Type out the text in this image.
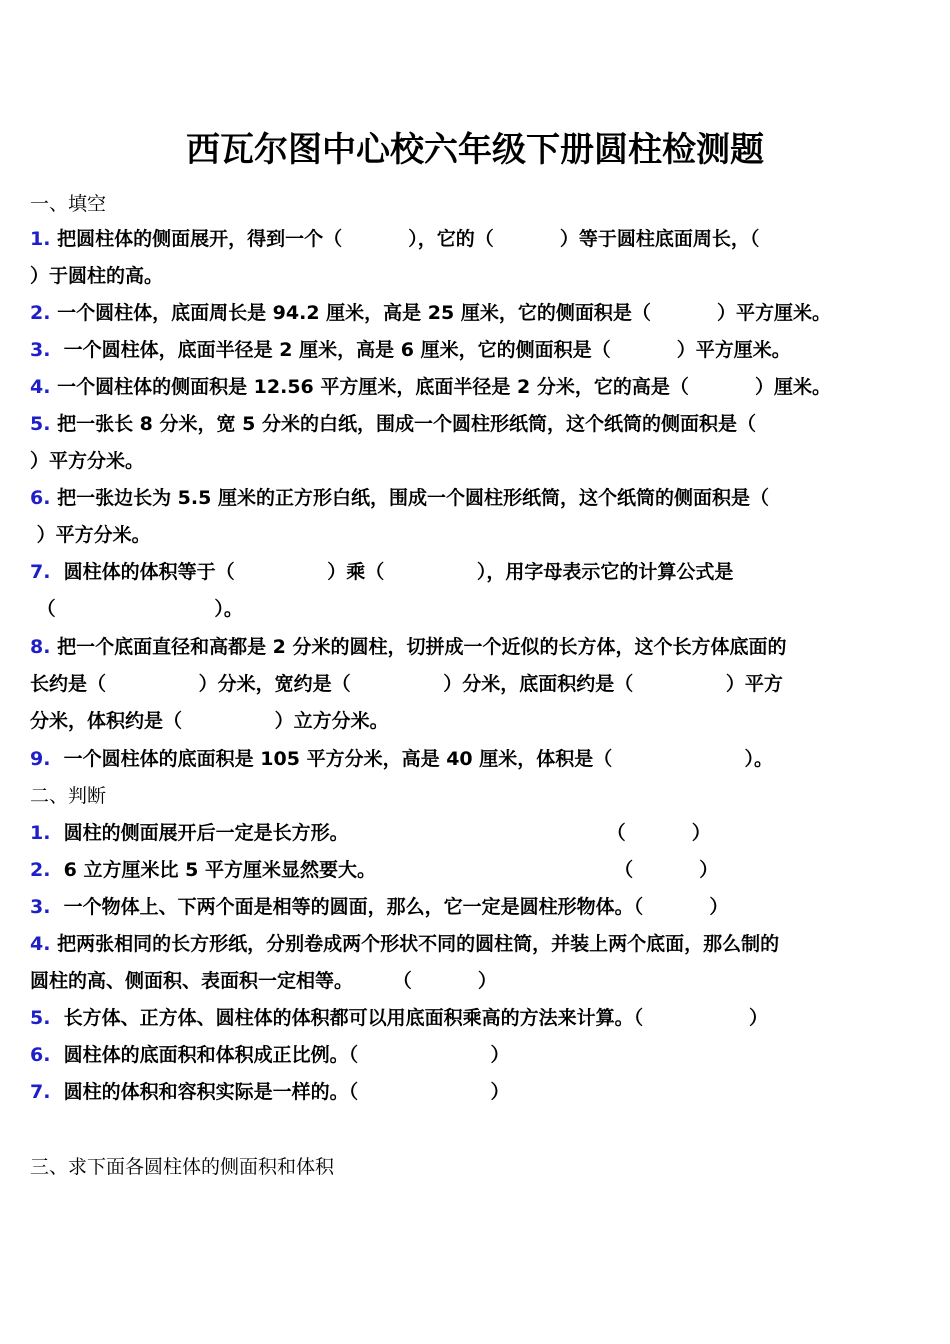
西瓦尔图中心校六年级下册圆柱检测题
一、填空
1. 把圆柱体的侧面展开，得到一个（          ），它的（          ）等于圆柱底面周长，（
）于圆柱的高。
2. 一个圆柱体，底面周长是 94.2 厘米，高是 25 厘米，它的侧面积是（          ）平方厘米。
3.  一个圆柱体，底面半径是 2 厘米，高是 6 厘米，它的侧面积是（          ）平方厘米。
4. 一个圆柱体的侧面积是 12.56 平方厘米，底面半径是 2 分米，它的高是（          ）厘米。
5. 把一张长 8 分米，宽 5 分米的白纸，围成一个圆柱形纸筒，这个纸筒的侧面积是（
）平方分米。
6. 把一张边长为 5.5 厘米的正方形白纸，围成一个圆柱形纸筒，这个纸筒的侧面积是（
）平方分米。
7.  圆柱体的体积等于（              ）乘（              ），用字母表示它的计算公式是
（                        ）。
8. 把一个底面直径和高都是 2 分米的圆柱，切拼成一个近似的长方体，这个长方体底面的
长约是（              ）分米，宽约是（              ）分米，底面积约是（              ）平方
分米，体积约是（              ）立方分米。
9.  一个圆柱体的底面积是 105 平方分米，高是 40 厘米，体积是（                    ）。
二、判断
1.  圆柱的侧面展开后一定是长方形。                                       （          ）
2.  6 立方厘米比 5 平方厘米显然要大。                                    （          ）
3.  一个物体上、下两个面是相等的圆面，那么，它一定是圆柱形物体。（          ）
4. 把两张相同的长方形纸，分别卷成两个形状不同的圆柱筒，并装上两个底面，那么制的
圆柱的高、侧面积、表面积一定相等。      （          ）
5.  长方体、正方体、圆柱体的体积都可以用底面积乘高的方法来计算。（                ）
6.  圆柱体的底面积和体积成正比例。（                    ）
7.  圆柱的体积和容积实际是一样的。（                    ）
三、求下面各圆柱体的侧面积和体积
